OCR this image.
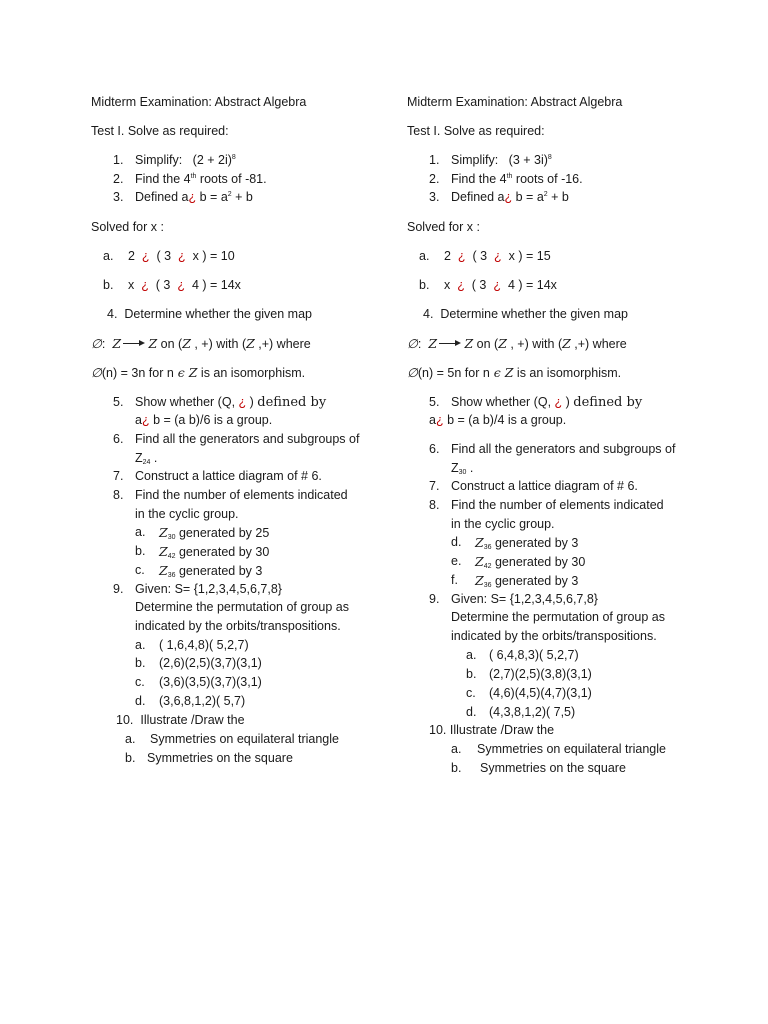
Midterm Examination: Abstract Algebra
Test I. Solve as required:
1. Simplify: $(2 + 2i)^8$
2. Find the 4th roots of -81.
3. Defined a¿ $b = a^2 + b$
Solved for x :
a. 2 ¿ ( 3 ¿ x ) = 10
b. x ¿ ( 3 ¿ 4 ) = 14x
4. Determine whether the given map
∅: Z Z on (Z , +) with (Z ,+) where
∅(n) = 3n for n ϵ Z is an isomorphism.
5. Show whether (Q, ¿ ) defined by
a¿ b = (a b)/6 is a group.
6. Find all the generators and subgroups of
$Z_{24}$ .
7. Construct a lattice diagram of # 6.
8. Find the number of elements indicated
in the cyclic group.
a. $Z_{30}$ generated by 25
b. $Z_{42}$ generated by 30
c. $Z_{36}$ generated by 3
9. Given: S= {1,2,3,4,5,6,7,8}
Determine the permutation of group as
indicated by the orbits/transpositions.
a. ( 1,6,4,8)( 5,2,7)
b. (2,6)(2,5)(3,7)(3,1)
c. (3,6)(3,5)(3,7)(3,1)
d. (3,6,8,1,2)( 5,7)
10. Illustrate /Draw the
a. Symmetries on equilateral triangle
b. Symmetries on the square
Midterm Examination: Abstract Algebra
Test I. Solve as required:
1. Simplify: $(3 + 3i)^8$
2. Find the 4th roots of -16.
3. Defined a¿ $b = a^2 + b$
Solved for x :
a. 2 ¿ ( 3 ¿ x ) = 15
b. x ¿ ( 3 ¿ 4 ) = 14x
4. Determine whether the given map
∅: Z Z on (Z , +) with (Z ,+) where
∅(n) = 5n for n ϵ Z is an isomorphism.
5. Show whether (Q, ¿ ) defined by
a¿ b = (a b)/4 is a group.
6. Find all the generators and subgroups of
$Z_{30}$ .
7. Construct a lattice diagram of # 6.
8. Find the number of elements indicated
in the cyclic group.
d. $Z_{36}$ generated by 3
e. $Z_{42}$ generated by 30
f. $Z_{36}$ generated by 3
9. Given: S= {1,2,3,4,5,6,7,8}
Determine the permutation of group as
indicated by the orbits/transpositions.
a. ( 6,4,8,3)( 5,2,7)
b. (2,7)(2,5)(3,8)(3,1)
c. (4,6)(4,5)(4,7)(3,1)
d. (4,3,8,1,2)( 7,5)
10. Illustrate /Draw the
a. Symmetries on equilateral triangle
b. Symmetries on the square
